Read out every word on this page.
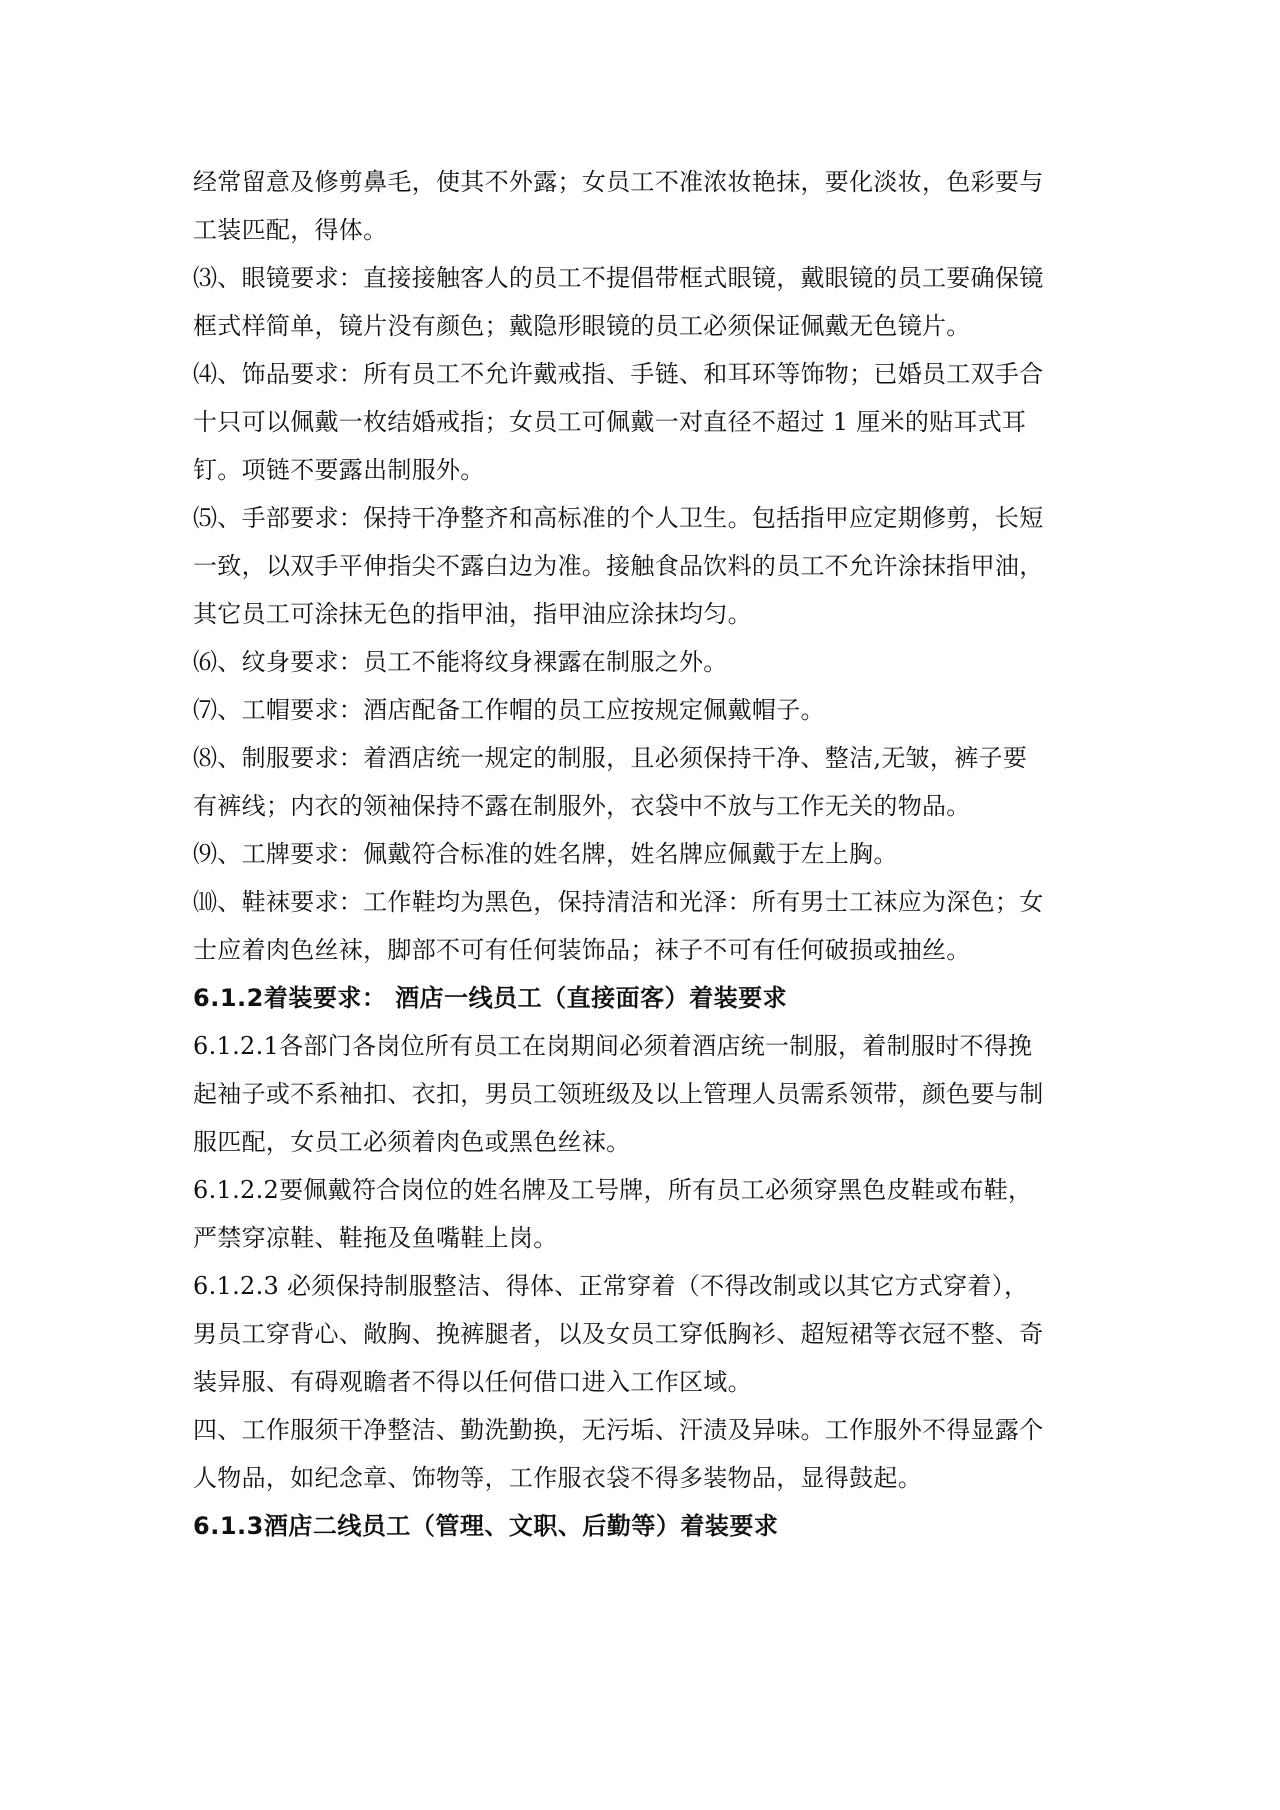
经常留意及修剪鼻毛，使其不外露；女员工不准浓妆艳抹，要化淡妆，色彩要与
工装匹配，得体。
⑶、眼镜要求：直接接触客人的员工不提倡带框式眼镜，戴眼镜的员工要确保镜
框式样简单，镜片没有颜色；戴隐形眼镜的员工必须保证佩戴无色镜片。
⑷、饰品要求：所有员工不允许戴戒指、手链、和耳环等饰物；已婚员工双手合
十只可以佩戴一枚结婚戒指；女员工可佩戴一对直径不超过 1 厘米的贴耳式耳
钉。项链不要露出制服外。
⑸、手部要求：保持干净整齐和高标准的个人卫生。包括指甲应定期修剪，长短
一致，以双手平伸指尖不露白边为准。接触食品饮料的员工不允许涂抹指甲油，
其它员工可涂抹无色的指甲油，指甲油应涂抹均匀。
⑹、纹身要求：员工不能将纹身裸露在制服之外。
⑺、工帽要求：酒店配备工作帽的员工应按规定佩戴帽子。
⑻、制服要求：着酒店统一规定的制服，且必须保持干净、整洁,无皱，裤子要
有裤线；内衣的领袖保持不露在制服外，衣袋中不放与工作无关的物品。
⑼、工牌要求：佩戴符合标准的姓名牌，姓名牌应佩戴于左上胸。
⑽、鞋袜要求：工作鞋均为黑色，保持清洁和光泽：所有男士工袜应为深色；女
士应着肉色丝袜，脚部不可有任何装饰品；袜子不可有任何破损或抽丝。
6.1.2着装要求： 酒店一线员工（直接面客）着装要求
6.1.2.1各部门各岗位所有员工在岗期间必须着酒店统一制服，着制服时不得挽
起袖子或不系袖扣、衣扣，男员工领班级及以上管理人员需系领带，颜色要与制
服匹配，女员工必须着肉色或黑色丝袜。
6.1.2.2要佩戴符合岗位的姓名牌及工号牌，所有员工必须穿黑色皮鞋或布鞋，
严禁穿凉鞋、鞋拖及鱼嘴鞋上岗。
6.1.2.3 必须保持制服整洁、得体、正常穿着（不得改制或以其它方式穿着），
男员工穿背心、敞胸、挽裤腿者，以及女员工穿低胸衫、超短裙等衣冠不整、奇
装异服、有碍观瞻者不得以任何借口进入工作区域。
四、工作服须干净整洁、勤洗勤换，无污垢、汗渍及异味。工作服外不得显露个
人物品，如纪念章、饰物等，工作服衣袋不得多装物品，显得鼓起。
6.1.3酒店二线员工（管理、文职、后勤等）着装要求
